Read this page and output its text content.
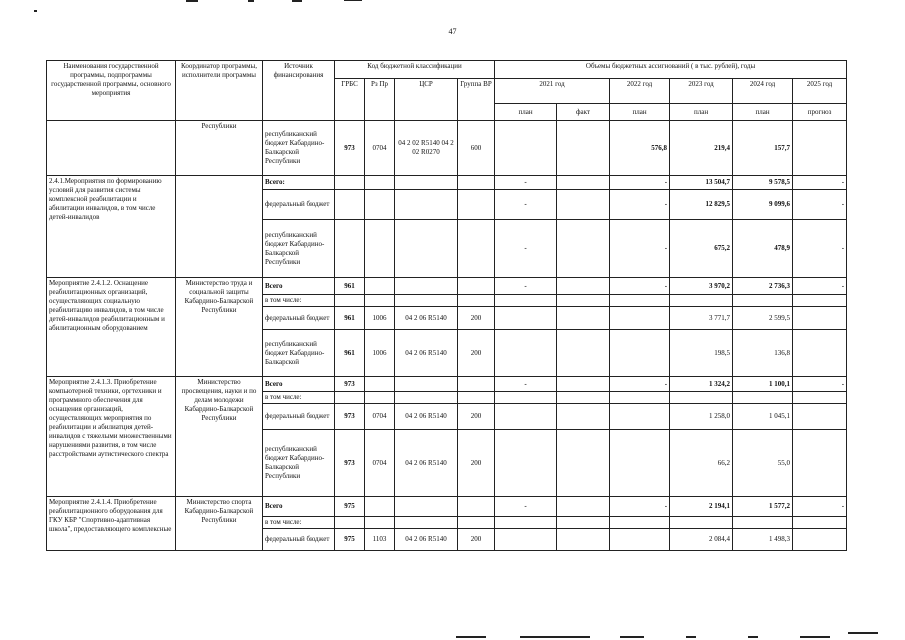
47
Наименования государственной программы, подпрограммы государственной программы, основного мероприятия	Координатор программы, исполнители программы	Источник финансирования	Код бюджетной классификации				Объемы бюджетных ассигнований ( в тыс. рублей), годы					
			ГРБС	Рз Пр	ЦСР	Группа ВР	2021 год		2022 год	2023 год	2024 год	2025 год
							план	факт	план	план	план	прогноз
	Республики	республиканский бюджет Кабардино-Балкарской Республики	973	0704	04 2 02 R5140 04 2 02 R0270	600			576,8	219,4	157,7	
2.4.1.Мероприятия по формированию условий для развития системы комплексной реабилитации и абилитации инвалидов, в том числе детей-инвалидов		Всего:					-		-	13 504,7	9 578,5	-
		федеральный бюджет					-		-	12 829,5	9 099,6	-
		республиканский бюджет Кабардино-Балкарской Республики					-		-	675,2	478,9	-
Мероприятие 2.4.1.2. Оснащение реабилитационных организаций, осуществляющих социальную реабилитацию инвалидов, в том числе детей-инвалидов реабилитационным и абилитационным оборудованием	Министерство труда и социальной защиты Кабардино-Балкарской Республики	Всего	961				-		-	3 970,2	2 736,3	-
		в том числе:										
		федеральный бюджет	961	1006	04 2 06 R5140	200				3 771,7	2 599,5	
		республиканский бюджет Кабардино-Балкарской	961	1006	04 2 06 R5140	200				198,5	136,8	
Мероприятие 2.4.1.3. Приобретение компьютерной техники, оргтехники и программного обеспечения для оснащения организаций, осуществляющих мероприятия по реабилитации и абилиатция детей-инвалидов с тяжелыми множественными нарушениями развития, в том числе расстройствами аутистического спектра	Министерство просвещения, науки и по делам молодежи Кабардино-Балкарской Республики	Всего	973				-		-	1 324,2	1 100,1	-
		в том числе:										
		федеральный бюджет	973	0704	04 2 06 R5140	200				1 258,0	1 045,1	
		республиканский бюджет Кабардино-Балкарской Республики	973	0704	04 2 06 R5140	200				66,2	55,0	
Мероприятие 2.4.1.4. Приобретение реабилитационного оборудования для ГКУ КБР "Спортивно-адаптивная школа", предоставляющего комплексные	Министерство спорта Кабардино-Балкарской Республики	Всего	975				-		-	2 194,1	1 577,2	-
		в том числе:										
		федеральный бюджет	975	1103	04 2 06 R5140	200				2 084,4	1 498,3	
